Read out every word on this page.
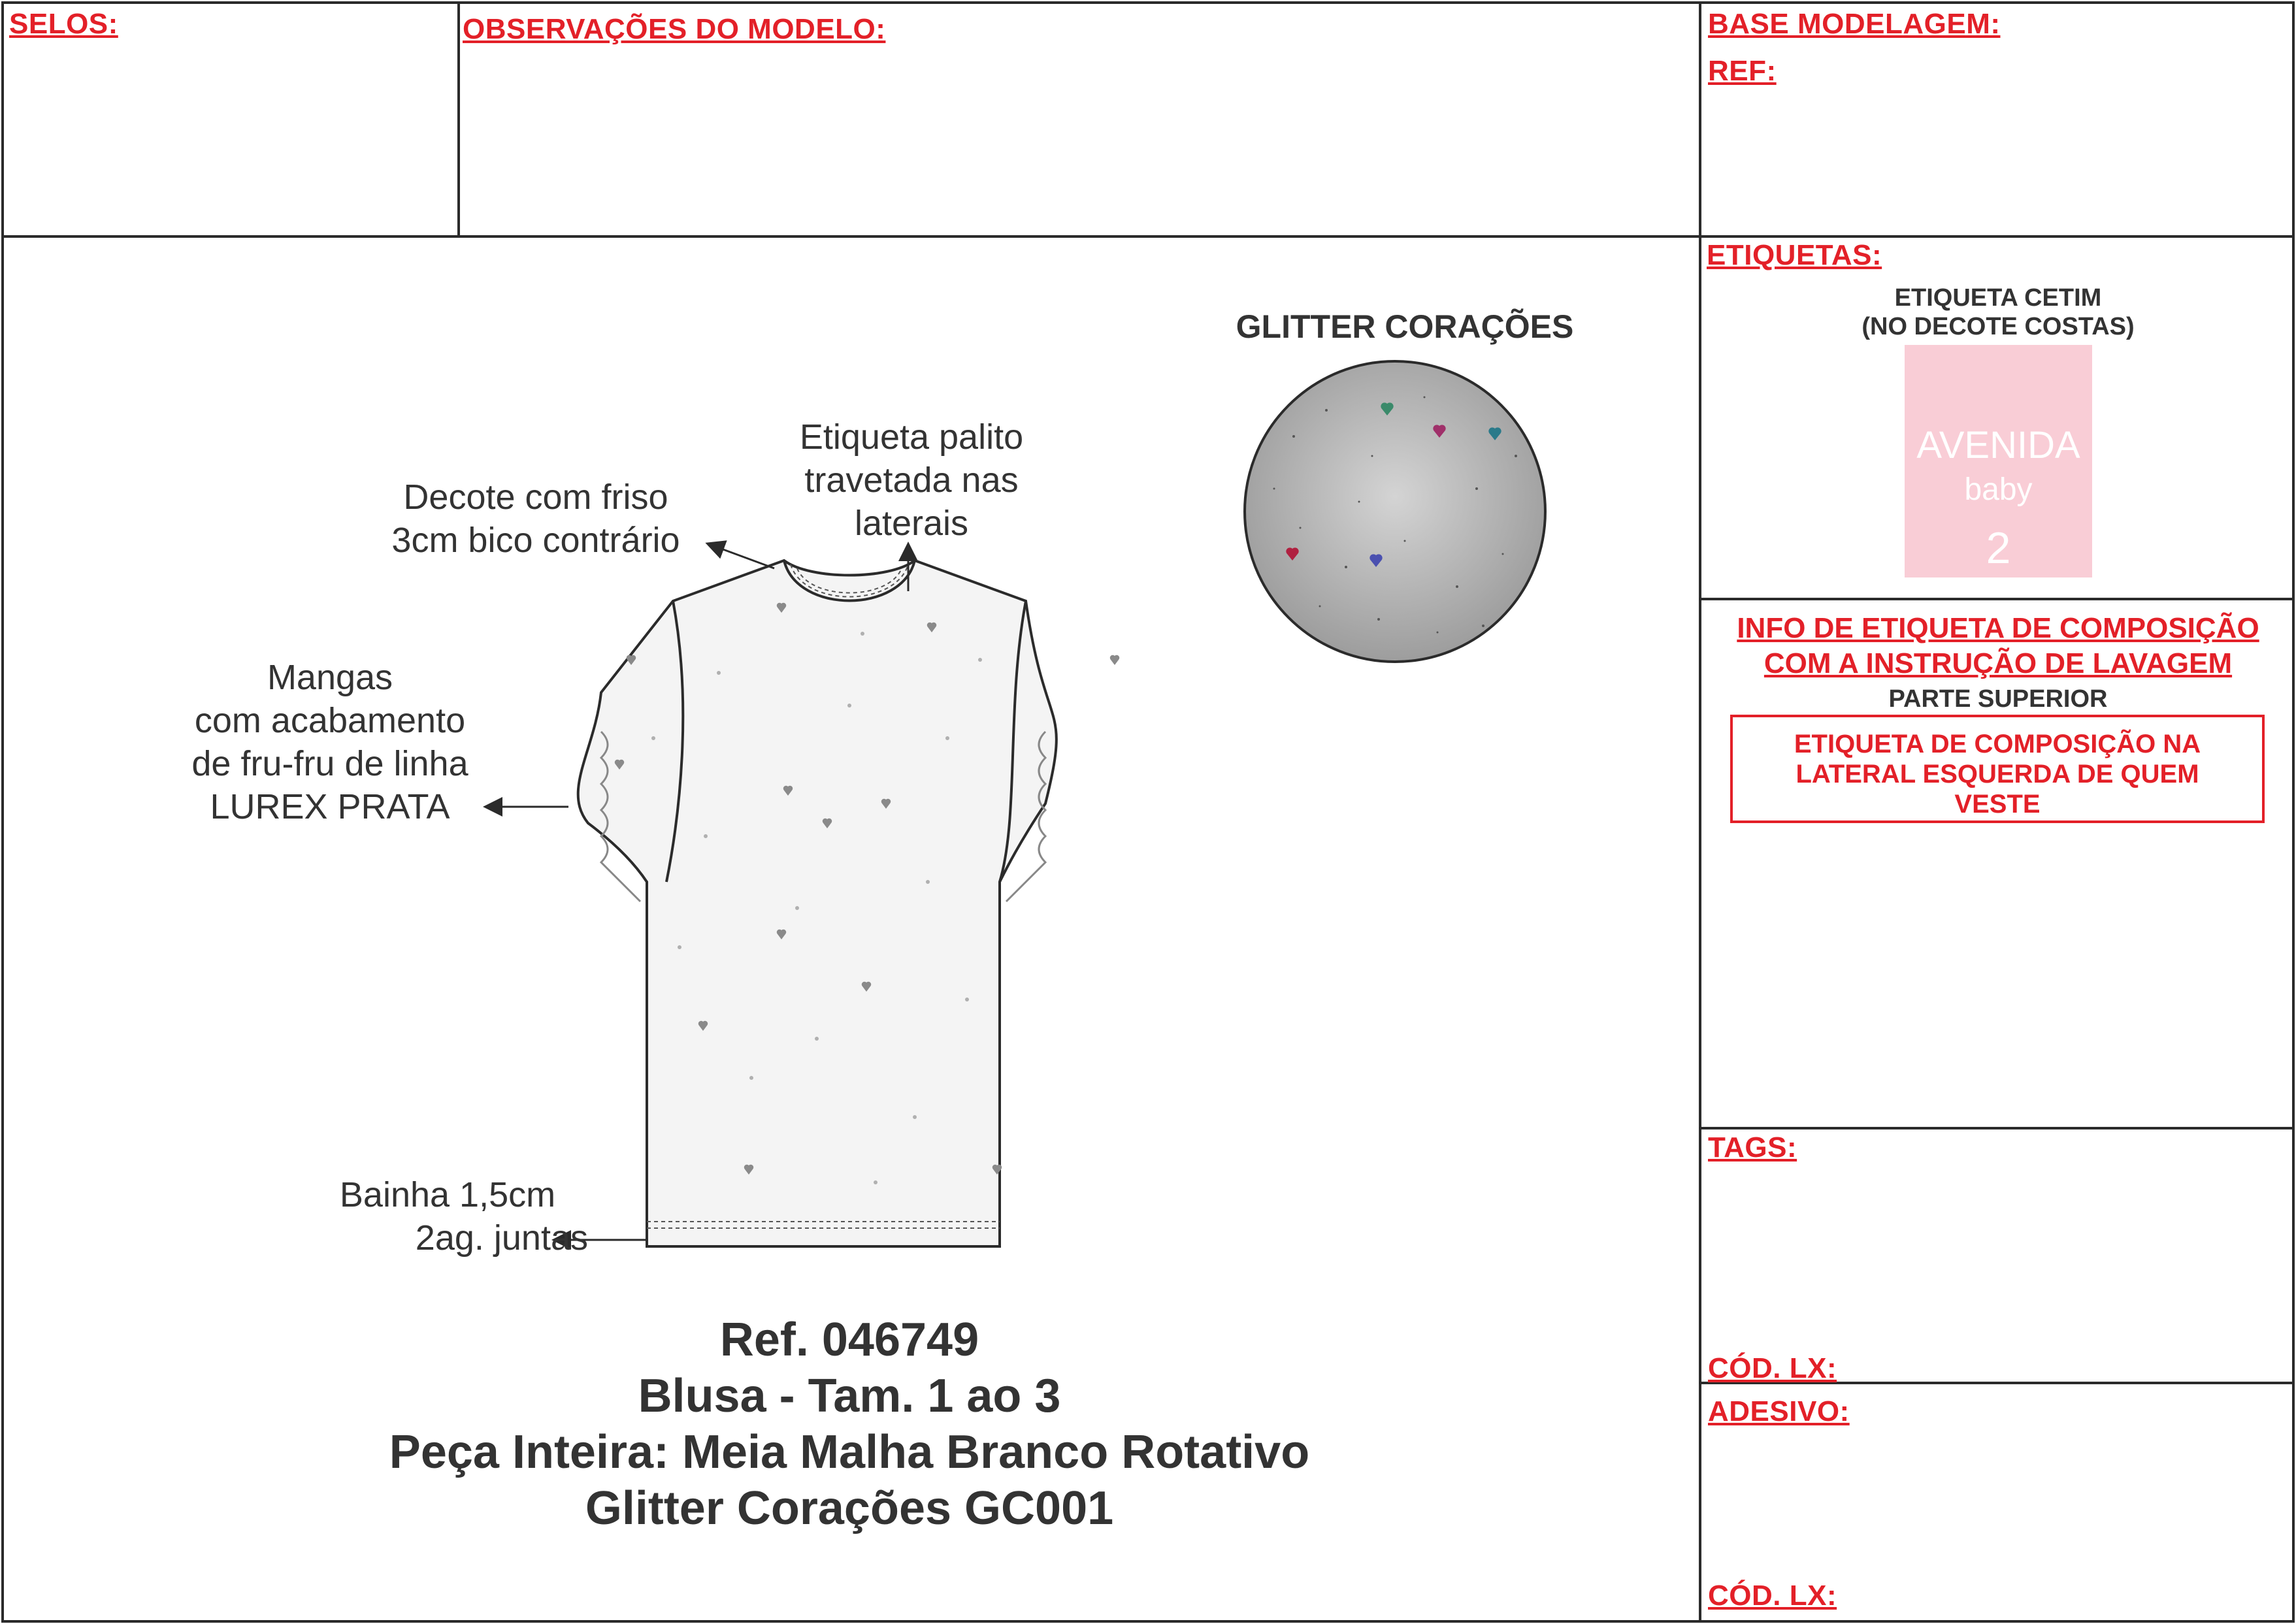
SELOS:	OBSERVAÇÕES DO MODELO:	BASE MODELAGEM:
REF:
ETIQUETAS:
ETIQUETA CETIM
(NO DECOTE COSTAS)
AVENIDA
baby
2
INFO DE ETIQUETA DE COMPOSIÇÃO
COM A INSTRUÇÃO DE LAVAGEM
PARTE SUPERIOR
ETIQUETA DE COMPOSIÇÃO NA
LATERAL ESQUERDA DE QUEM
VESTE
TAGS:
CÓD. LX:
ADESIVO:
CÓD. LX:
GLITTER CORAÇÕES
Etiqueta palito
travetada nas
laterais
Decote com friso
3cm bico contrário
Mangas
com acabamento
de fru-fru de linha
LUREX PRATA
Bainha 1,5cm
2ag. juntas
Ref. 046749
Blusa - Tam. 1 ao 3
Peça Inteira: Meia Malha Branco Rotativo
Glitter Corações GC001
